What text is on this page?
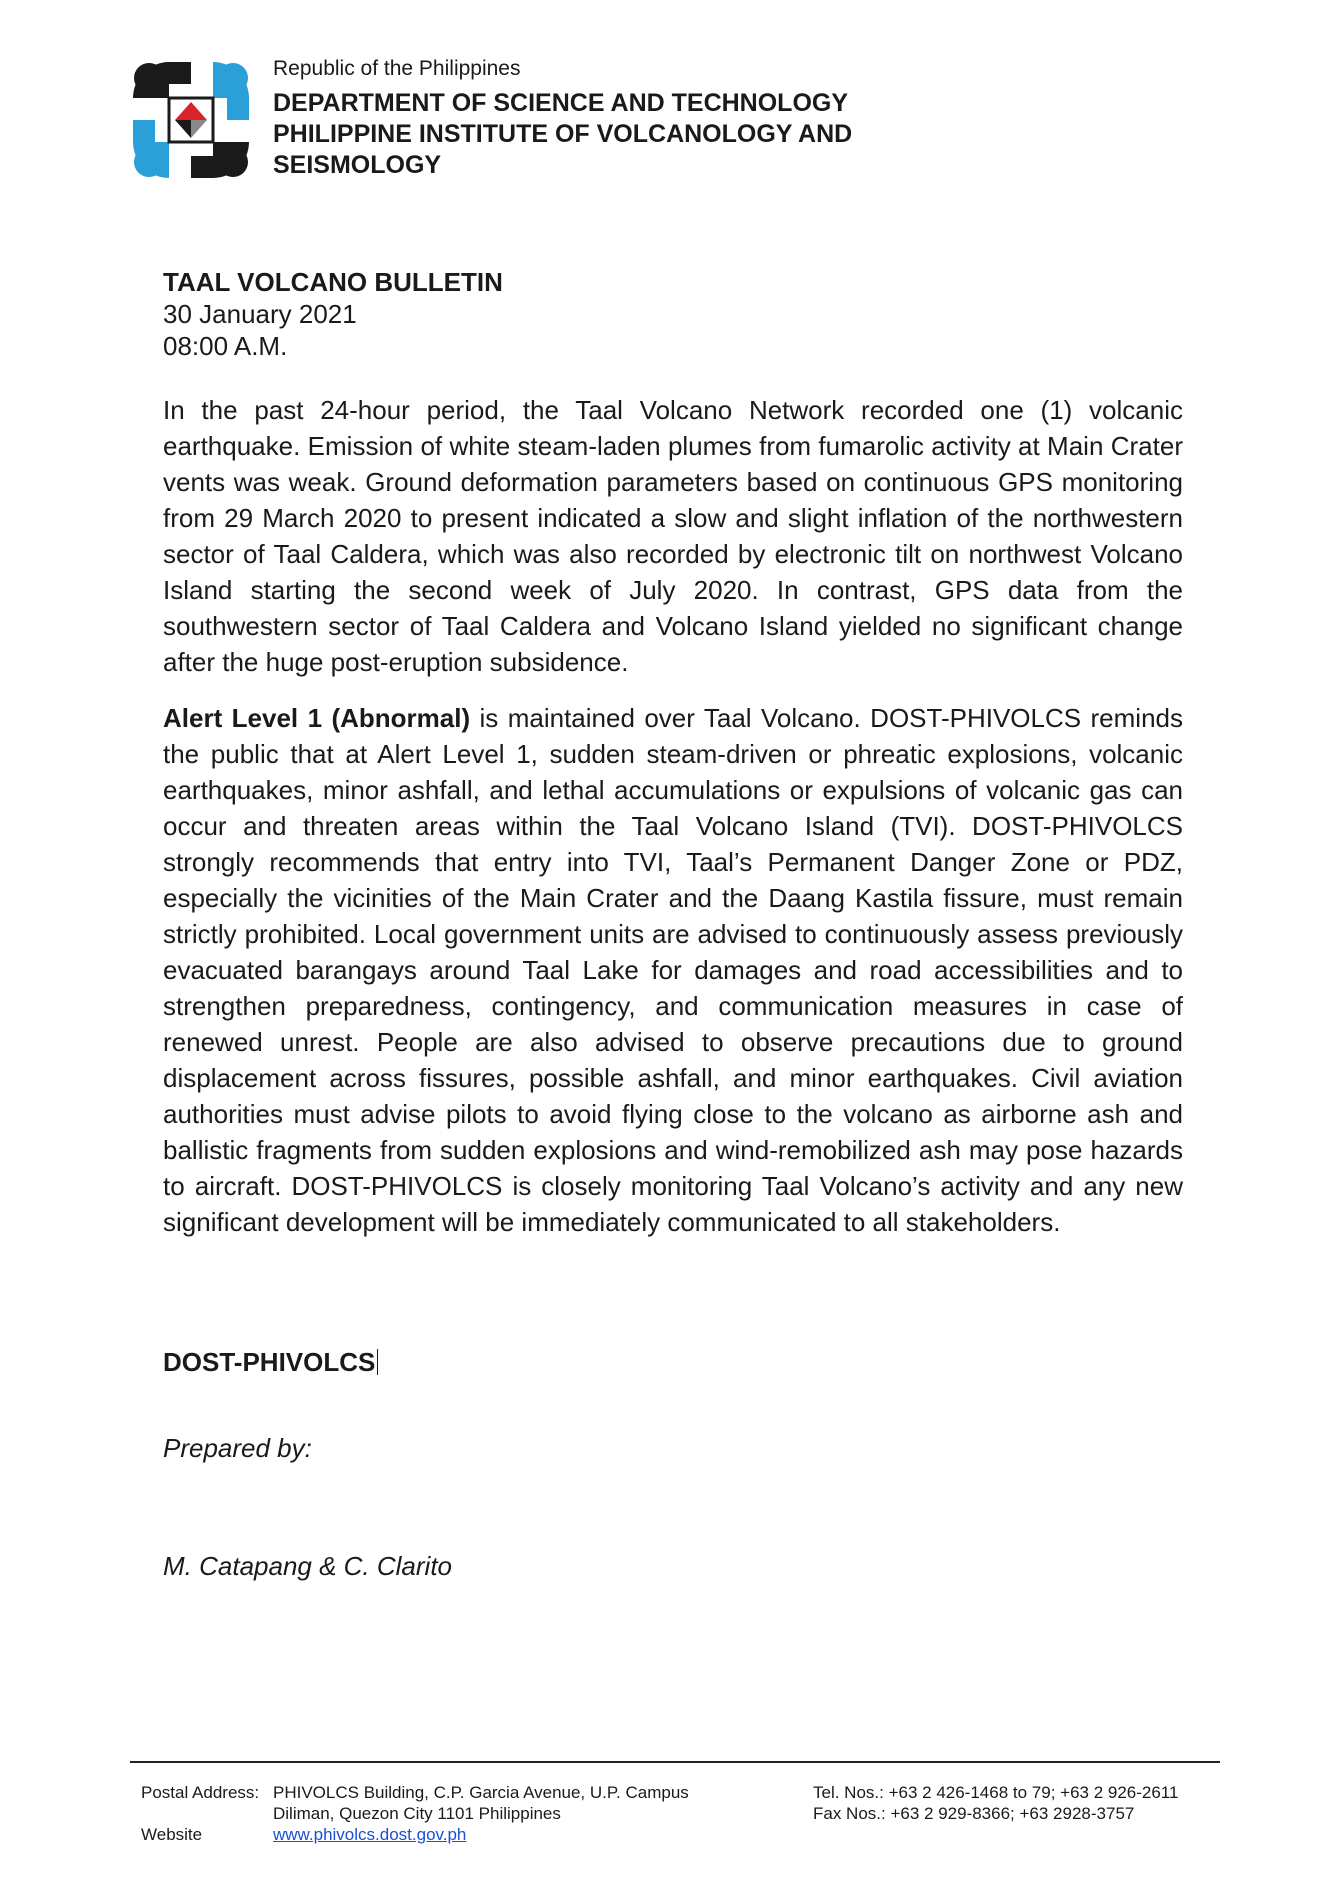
Republic of the Philippines

DEPARTMENT OF SCIENCE AND TECHNOLOGY

PHILIPPINE INSTITUTE OF VOLCANOLOGY AND SEISMOLOGY

TAAL VOLCANO BULLETIN

30 January 2021

08:00 A.M.

In the past 24-hour period, the Taal Volcano Network recorded one (1) volcanic earthquake. Emission of white steam-laden plumes from fumarolic activity at Main Crater vents was weak. Ground deformation parameters based on continuous GPS monitoring from 29 March 2020 to present indicated a slow and slight inflation of the northwestern sector of Taal Caldera, which was also recorded by electronic tilt on northwest Volcano Island starting the second week of July 2020. In contrast, GPS data from the southwestern sector of Taal Caldera and Volcano Island yielded no significant change after the huge post-eruption subsidence.

Alert Level 1 (Abnormal) is maintained over Taal Volcano. DOST-PHIVOLCS reminds the public that at Alert Level 1, sudden steam-driven or phreatic explosions, volcanic earthquakes, minor ashfall, and lethal accumulations or expulsions of volcanic gas can occur and threaten areas within the Taal Volcano Island (TVI). DOST-PHIVOLCS strongly recommends that entry into TVI, Taal’s Permanent Danger Zone or PDZ, especially the vicinities of the Main Crater and the Daang Kastila fissure, must remain strictly prohibited. Local government units are advised to continuously assess previously evacuated barangays around Taal Lake for damages and road accessibilities and to strengthen preparedness, contingency, and communication measures in case of renewed unrest. People are also advised to observe precautions due to ground displacement across fissures, possible ashfall, and minor earthquakes. Civil aviation authorities must advise pilots to avoid flying close to the volcano as airborne ash and ballistic fragments from sudden explosions and wind-remobilized ash may pose hazards to aircraft. DOST-PHIVOLCS is closely monitoring Taal Volcano’s activity and any new significant development will be immediately communicated to all stakeholders.

DOST-PHIVOLCS

Prepared by:

M. Catapang & C. Clarito

Postal Address: PHIVOLCS Building, C.P. Garcia Avenue, U.P. Campus	Tel. Nos.: +63 2 426-1468 to 79; +63 2 926-2611
Diliman, Quezon City 1101 Philippines	Fax Nos.: +63 2 929-8366; +63 2928-3757
Website	www.phivolcs.dost.gov.ph
